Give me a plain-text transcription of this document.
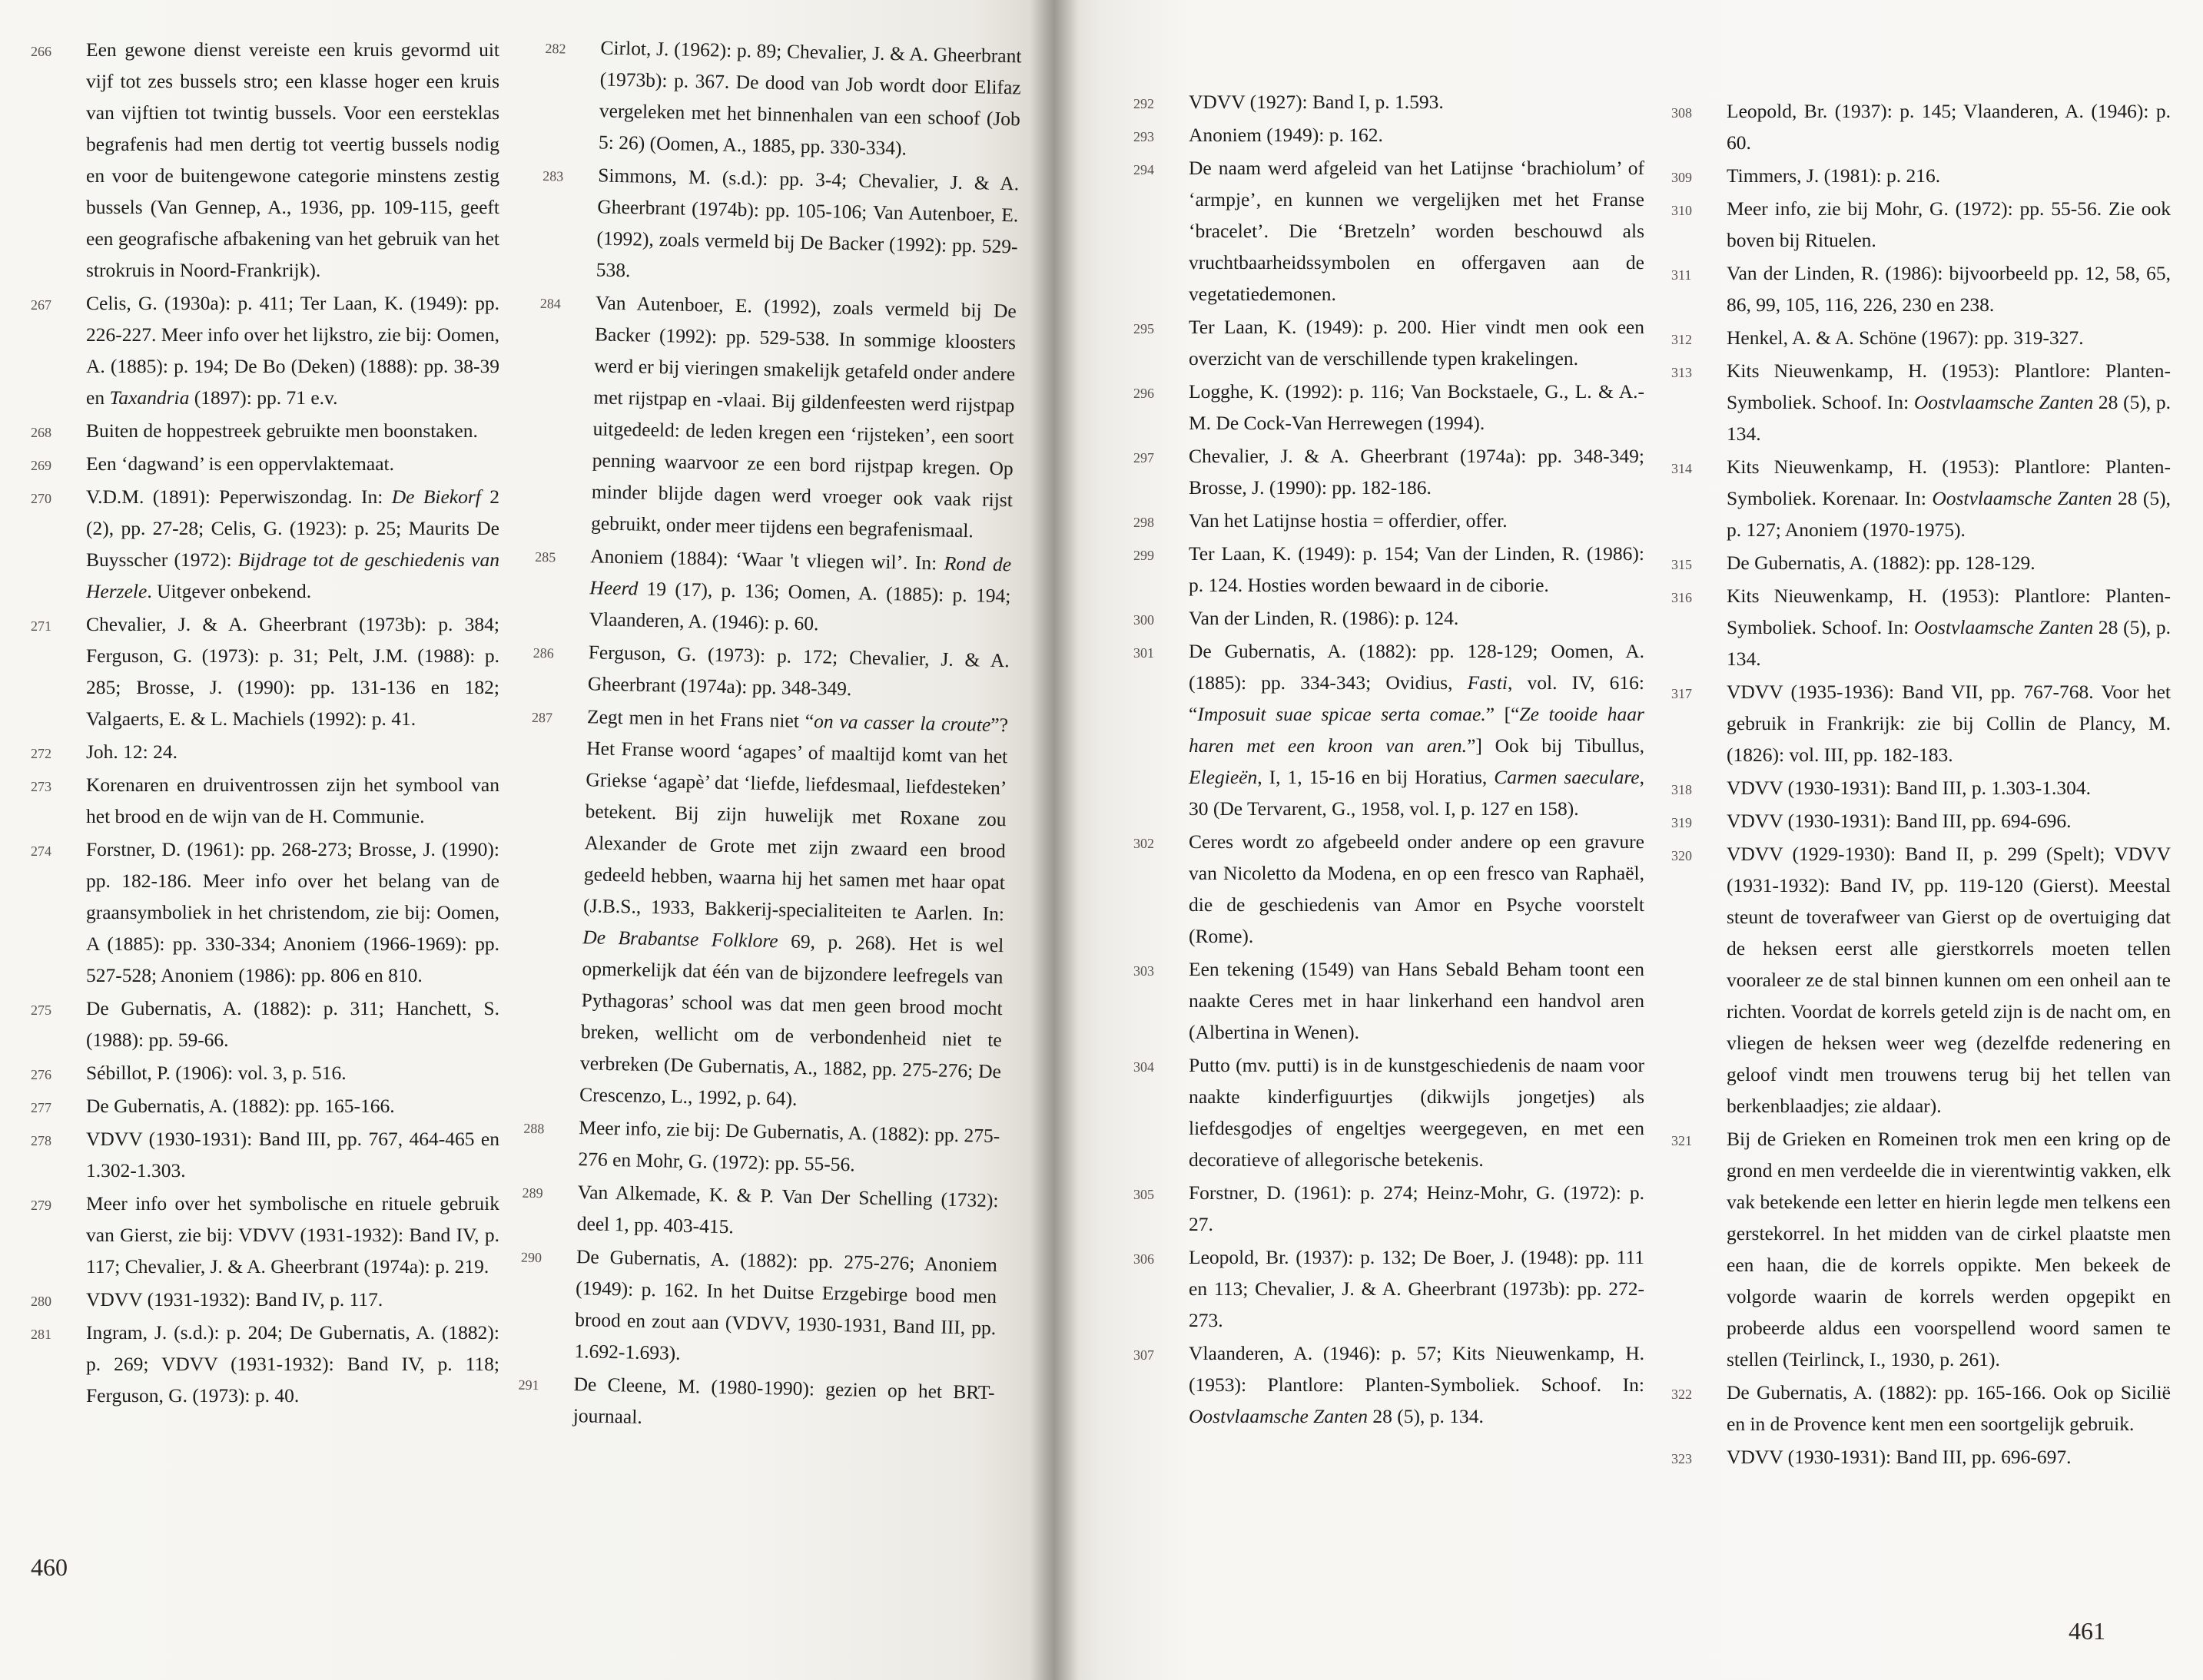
266	Een gewone dienst vereiste een kruis gevormd uit vijf tot zes bussels stro; een klasse hoger een kruis van vijftien tot twintig bussels. Voor een eersteklas begrafenis had men dertig tot veertig bussels nodig en voor de buitengewone categorie minstens zestig bussels (Van Gennep, A., 1936, pp. 109-115, geeft een geografische afbakening van het gebruik van het strokruis in Noord-Frankrijk).
267	Celis, G. (1930a): p. 411; Ter Laan, K. (1949): pp. 226-227. Meer info over het lijkstro, zie bij: Oomen, A. (1885): p. 194; De Bo (Deken) (1888): pp. 38-39 en Taxandria (1897): pp. 71 e.v.
268	Buiten de hoppestreek gebruikte men boonstaken.
269	Een ‘dagwand’ is een oppervlaktemaat.
270	V.D.M. (1891): Peperwiszondag. In: De Biekorf 2 (2), pp. 27-28; Celis, G. (1923): p. 25; Maurits De Buysscher (1972): Bijdrage tot de geschiedenis van Herzele. Uitgever onbekend.
271	Chevalier, J. & A. Gheerbrant (1973b): p. 384; Ferguson, G. (1973): p. 31; Pelt, J.M. (1988): p. 285; Brosse, J. (1990): pp. 131-136 en 182; Valgaerts, E. & L. Machiels (1992): p. 41.
272	Joh. 12: 24.
273	Korenaren en druiventrossen zijn het symbool van het brood en de wijn van de H. Communie.
274	Forstner, D. (1961): pp. 268-273; Brosse, J. (1990): pp. 182-186. Meer info over het belang van de graansymboliek in het christendom, zie bij: Oomen, A (1885): pp. 330-334; Anoniem (1966-1969): pp. 527-528; Anoniem (1986): pp. 806 en 810.
275	De Gubernatis, A. (1882): p. 311; Hanchett, S. (1988): pp. 59-66.
276	Sébillot, P. (1906): vol. 3, p. 516.
277	De Gubernatis, A. (1882): pp. 165-166.
278	VDVV (1930-1931): Band III, pp. 767, 464-465 en 1.302-1.303.
279	Meer info over het symbolische en rituele gebruik van Gierst, zie bij: VDVV (1931-1932): Band IV, p. 117; Chevalier, J. & A. Gheerbrant (1974a): p. 219.
280	VDVV (1931-1932): Band IV, p. 117.
281	Ingram, J. (s.d.): p. 204; De Gubernatis, A. (1882): p. 269; VDVV (1931-1932): Band IV, p. 118; Ferguson, G. (1973): p. 40.
282	Cirlot, J. (1962): p. 89; Chevalier, J. & A. Gheerbrant (1973b): p. 367. De dood van Job wordt door Elifaz vergeleken met het binnenhalen van een schoof (Job 5: 26) (Oomen, A., 1885, pp. 330-334).
283	Simmons, M. (s.d.): pp. 3-4; Chevalier, J. & A. Gheerbrant (1974b): pp. 105-106; Van Autenboer, E. (1992), zoals vermeld bij De Backer (1992): pp. 529-538.
284	Van Autenboer, E. (1992), zoals vermeld bij De Backer (1992): pp. 529-538. In sommige kloosters werd er bij vieringen smakelijk getafeld onder andere met rijstpap en -vlaai. Bij gildenfeesten werd rijstpap uitgedeeld: de leden kregen een ‘rijsteken’, een soort penning waarvoor ze een bord rijstpap kregen. Op minder blijde dagen werd vroeger ook vaak rijst gebruikt, onder meer tijdens een begrafenismaal.
285	Anoniem (1884): ‘Waar 't vliegen wil’. In: Rond de Heerd 19 (17), p. 136; Oomen, A. (1885): p. 194; Vlaanderen, A. (1946): p. 60.
286	Ferguson, G. (1973): p. 172; Chevalier, J. & A. Gheerbrant (1974a): pp. 348-349.
287	Zegt men in het Frans niet “on va casser la croute”? Het Franse woord ‘agapes’ of maaltijd komt van het Griekse ‘agapè’ dat ‘liefde, liefdesmaal, liefdesteken’ betekent. Bij zijn huwelijk met Roxane zou Alexander de Grote met zijn zwaard een brood gedeeld hebben, waarna hij het samen met haar opat (J.B.S., 1933, Bakkerij-specialiteiten te Aarlen. In: De Brabantse Folklore 69, p. 268). Het is wel opmerkelijk dat één van de bijzondere leefregels van Pythagoras’ school was dat men geen brood mocht breken, wellicht om de verbondenheid niet te verbreken (De Gubernatis, A., 1882, pp. 275-276; De Crescenzo, L., 1992, p. 64).
288	Meer info, zie bij: De Gubernatis, A. (1882): pp. 275-276 en Mohr, G. (1972): pp. 55-56.
289	Van Alkemade, K. & P. Van Der Schelling (1732): deel 1, pp. 403-415.
290	De Gubernatis, A. (1882): pp. 275-276; Anoniem (1949): p. 162. In het Duitse Erzgebirge bood men brood en zout aan (VDVV, 1930-1931, Band III, pp. 1.692-1.693).
291	De Cleene, M. (1980-1990): gezien op het BRT-journaal.
460
292	VDVV (1927): Band I, p. 1.593.
293	Anoniem (1949): p. 162.
294	De naam werd afgeleid van het Latijnse ‘brachiolum’ of ‘armpje’, en kunnen we vergelijken met het Franse ‘bracelet’. Die ‘Bretzeln’ worden beschouwd als vruchtbaarheidssymbolen en offergaven aan de vegetatiedemonen.
295	Ter Laan, K. (1949): p. 200. Hier vindt men ook een overzicht van de verschillende typen krakelingen.
296	Logghe, K. (1992): p. 116; Van Bockstaele, G., L. & A.-M. De Cock-Van Herrewegen (1994).
297	Chevalier, J. & A. Gheerbrant (1974a): pp. 348-349; Brosse, J. (1990): pp. 182-186.
298	Van het Latijnse hostia = offerdier, offer.
299	Ter Laan, K. (1949): p. 154; Van der Linden, R. (1986): p. 124. Hosties worden bewaard in de ciborie.
300	Van der Linden, R. (1986): p. 124.
301	De Gubernatis, A. (1882): pp. 128-129; Oomen, A. (1885): pp. 334-343; Ovidius, Fasti, vol. IV, 616: “Imposuit suae spicae serta comae.” [“Ze tooide haar haren met een kroon van aren.”] Ook bij Tibullus, Elegieën, I, 1, 15-16 en bij Horatius, Carmen saeculare, 30 (De Tervarent, G., 1958, vol. I, p. 127 en 158).
302	Ceres wordt zo afgebeeld onder andere op een gravure van Nicoletto da Modena, en op een fresco van Raphaël, die de geschiedenis van Amor en Psyche voorstelt (Rome).
303	Een tekening (1549) van Hans Sebald Beham toont een naakte Ceres met in haar linkerhand een handvol aren (Albertina in Wenen).
304	Putto (mv. putti) is in de kunstgeschiedenis de naam voor naakte kinderfiguurtjes (dikwijls jongetjes) als liefdesgodjes of engeltjes weergegeven, en met een decoratieve of allegorische betekenis.
305	Forstner, D. (1961): p. 274; Heinz-Mohr, G. (1972): p. 27.
306	Leopold, Br. (1937): p. 132; De Boer, J. (1948): pp. 111 en 113; Chevalier, J. & A. Gheerbrant (1973b): pp. 272-273.
307	Vlaanderen, A. (1946): p. 57; Kits Nieuwenkamp, H. (1953): Plantlore: Planten-Symboliek. Schoof. In: Oostvlaamsche Zanten 28 (5), p. 134.
308	Leopold, Br. (1937): p. 145; Vlaanderen, A. (1946): p. 60.
309	Timmers, J. (1981): p. 216.
310	Meer info, zie bij Mohr, G. (1972): pp. 55-56. Zie ook boven bij Rituelen.
311	Van der Linden, R. (1986): bijvoorbeeld pp. 12, 58, 65, 86, 99, 105, 116, 226, 230 en 238.
312	Henkel, A. & A. Schöne (1967): pp. 319-327.
313	Kits Nieuwenkamp, H. (1953): Plantlore: Planten-Symboliek. Schoof. In: Oostvlaamsche Zanten 28 (5), p. 134.
314	Kits Nieuwenkamp, H. (1953): Plantlore: Planten-Symboliek. Korenaar. In: Oostvlaamsche Zanten 28 (5), p. 127; Anoniem (1970-1975).
315	De Gubernatis, A. (1882): pp. 128-129.
316	Kits Nieuwenkamp, H. (1953): Plantlore: Planten-Symboliek. Schoof. In: Oostvlaamsche Zanten 28 (5), p. 134.
317	VDVV (1935-1936): Band VII, pp. 767-768. Voor het gebruik in Frankrijk: zie bij Collin de Plancy, M. (1826): vol. III, pp. 182-183.
318	VDVV (1930-1931): Band III, p. 1.303-1.304.
319	VDVV (1930-1931): Band III, pp. 694-696.
320	VDVV (1929-1930): Band II, p. 299 (Spelt); VDVV (1931-1932): Band IV, pp. 119-120 (Gierst). Meestal steunt de toverafweer van Gierst op de overtuiging dat de heksen eerst alle gierstkorrels moeten tellen vooraleer ze de stal binnen kunnen om een onheil aan te richten. Voordat de korrels geteld zijn is de nacht om, en vliegen de heksen weer weg (dezelfde redenering en geloof vindt men trouwens terug bij het tellen van berkenblaadjes; zie aldaar).
321	Bij de Grieken en Romeinen trok men een kring op de grond en men verdeelde die in vierentwintig vakken, elk vak betekende een letter en hierin legde men telkens een gerstekorrel. In het midden van de cirkel plaatste men een haan, die de korrels oppikte. Men bekeek de volgorde waarin de korrels werden opgepikt en probeerde aldus een voorspellend woord samen te stellen (Teirlinck, I., 1930, p. 261).
322	De Gubernatis, A. (1882): pp. 165-166. Ook op Sicilië en in de Provence kent men een soortgelijk gebruik.
323	VDVV (1930-1931): Band III, pp. 696-697.
461
